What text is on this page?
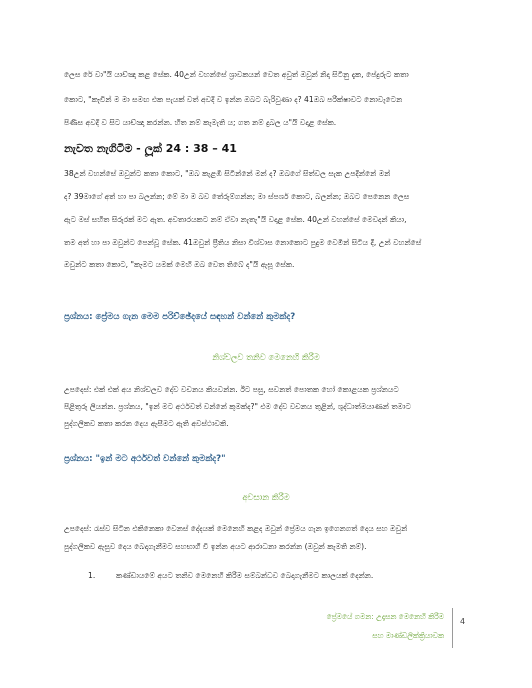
ලෙස රේ වා"යි යාච්ඤා කළ සේක. 40උන් වහන්සේ ශ්‍රාවකයන් වෙත අවුත් ඔවුන් නිදා සිටිනු දැක, පේදුරුට කතා

කොට, "කෑවින් ම මා සමඟ එක පැයක් වත් අවදි ව ඉන්න ඔබට බැරිවුණා ද? 41ඔබ පරීක්ෂාවට නොවැටෙන

පිණිස අවදි ව සිට යාච්ඤා කරන්න. හිත නම් කැමැති ය; ගත නම් දුබල ය"යි වදාළ සේක.

නැවත නැගිටීම - ලූක් 24 : 38 – 41

38උන් වහන්සේ ඔවුන්ට කතා කොට, "ඔබ කැළඹී සිටින්නේ මන් ද? ඔබගේ සිත්වල සැක උපදින්නේ මන්

ද? 39මාගේ අත් හා පා බලන්න; මේ මා ම බව තේරුම්ගන්න; මා ස්පර්ශ කොට, බලන්න; ඔබට පෙනෙන ලෙස

ඇට මස් සහිත සිරුරක් මට ඇත. අවතාරයකට නම් ඒවා නැතැ"යි වදාළ සේක. 40උන් වහන්සේ මෙවදන් කියා,

තම අත් හා පා ඔවුන්ට පෙන්වූ සේක. 41ඔවුන් ප්‍රීතිය නිසා විශ්වාස නොකොට පුදුම වෙමින් සිටිය දී, උන් වහන්සේ

ඔවුන්ට කතා කොට, "කෑමට යමක් මෙහි ඔබ වෙත තිබේ ද"යි ඇසූ සේක.

ප්‍රශ්නය: ප්‍රේමය ගැන මෙම පරිච්ඡේදයේ සඳහන් වන්නේ කුමක්ද?

නිශ්චලව තනිව මෙනෙහි කිරීම

උපදෙස්: එක් එක් අය නිශ්චලව දේව වචනය කියවන්න. ඊට පසු, සවනත් පොතක හෝ කොළයක ප්‍රශ්නයට

පිළිතුරු ලියන්න. ප්‍රශ්නය, "ඉන් මට අර්ථවත් වන්නේ කුමක්ද?" එම දේව වචනය තුළින්, ශුද්ධාත්මයාණන් තමාට

පුද්ගලිකව කතා කරන දෙය ඇසීමට ඇති අවස්ථාවකි.

ප්‍රශ්නය: "ඉන් මට අර්ථවත් වන්නේ කුමක්ද?"

අවසාන කිරීම

උපදෙස්: රැස්ව සිටින එකිනෙකා වෙනස් දේදයක් මෙනෙහි කළද ඔවුන් ප්‍රේමය ගැන ඉගෙනගත් දෙය සහ ඔවුන්

පුද්ගලිකව ඇසුව දෙය බෙදාගැනීමට සහභාගී වී ඉන්න අයට ආරාධනා කරන්න (ඔවුන් කැමති නම්).

1.	කණ්ඩායමේ අයට තනිව මෙනෙහි කිරීම සම්බන්ධව බෙදාගැනීමට කාලයක් දෙන්න.

ප්‍රේමයේ ගමන: උදෑසන මෙනෙහි කිරීම

සහ මාණ්ඩලික්ක්‍රියාවක

4
